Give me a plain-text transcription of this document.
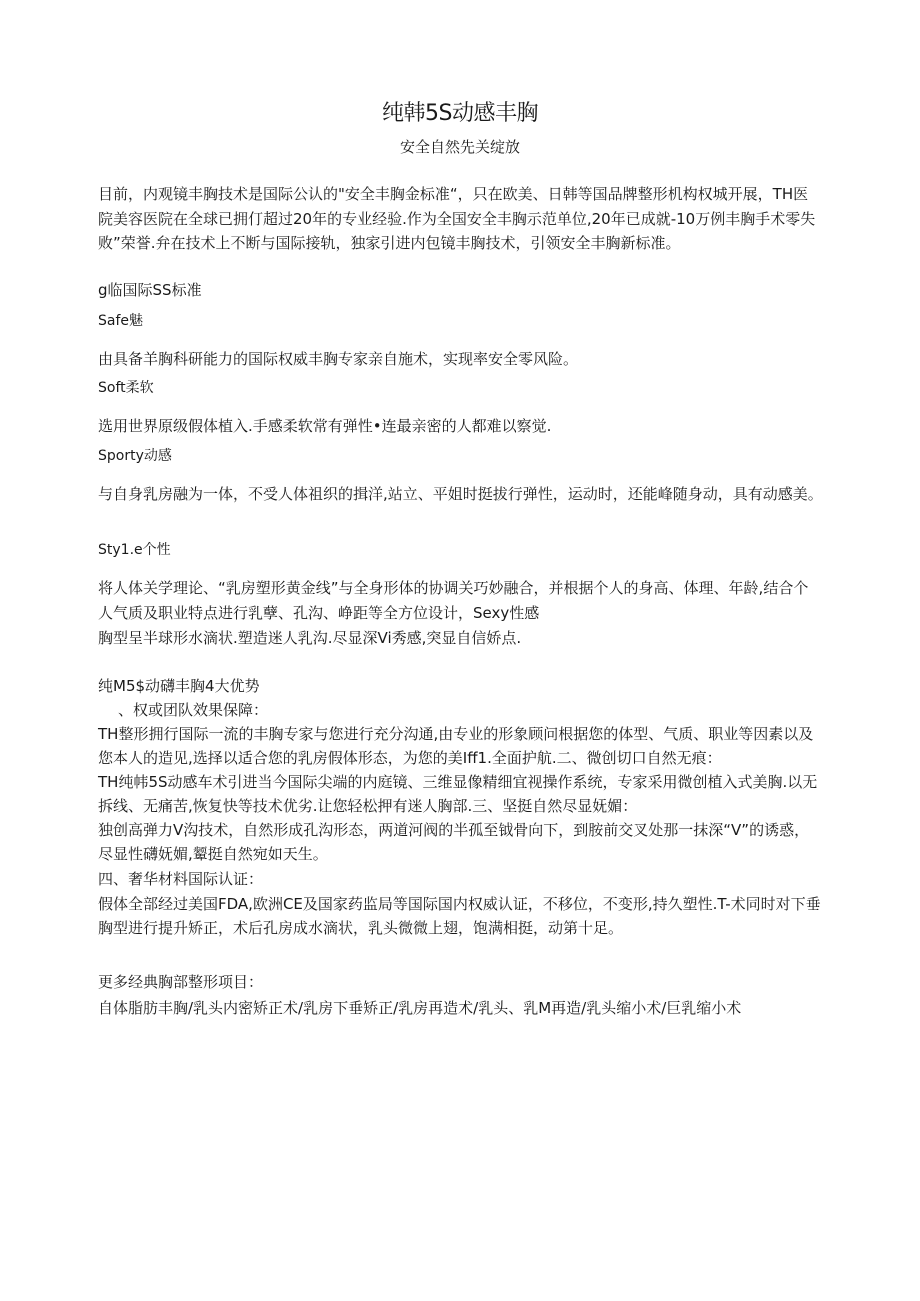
纯韩5S动感丰胸
安全自然先关绽放
目前，内观镜丰胸技术是国际公认的"安全丰胸金标准“，只在欧美、日韩等国品牌整形机构权城开展，TH医院美容医院在全球已拥仃超过20年的专业经验.作为全国安全丰胸示范单位,20年已成就-10万例丰胸手术零失败”荣誉.弁在技术上不断与国际接轨，独家引进内包镜丰胸技术，引领安全丰胸新标准。
g临国际SS标准
Safe魅
由具备羊胸科研能力的国际权威丰胸专家亲自施术，实现率安全零风险。
Soft柔软
选用世界原级假体植入.手感柔软常有弹性•连最亲密的人都难以察觉.
Sporty动感
与自身乳房融为一体，不受人体祖织的揖洋,站立、平姐时挺拔行弹性，运动时，还能峰随身动，具有动感美。
Sty1.e个性
将人体关学理论、“乳房塑形黄金线”与全身形体的协调关巧妙融合，并根据个人的身高、体理、年龄,结合个人气质及职业特点进行乳孽、孔沟、峥距等全方位设计，Sexy性感
胸型呈半球形水滴状.塑造迷人乳沟.尽显深Vi秀感,突显自信娇点.
纯M5$动礴丰胸4大优势
、权或团队效果保障：
TH整形拥行国际一流的丰胸专家与您进行充分沟通,由专业的形象顾问根据您的体型、气质、职业等因素以及您本人的造见,选择以适合您的乳房假体形态，为您的美Iff1.全面护航.二、微创切口自然无痕：
TH纯帏5S动感车术引进当今国际尖端的内庭镜、三维显像精细宜视操作系统，专家采用微创植入式美胸.以无拆线、无痛苦,恢复快等技术优劣.让您轻松押有迷人胸部.三、坚挺自然尽显妩媚：
独创高弹力V沟技术，自然形成孔沟形态，两道河阀的半孤至钺骨向下，到胺前交叉处那一抹深“V”的诱惑，尽显性礴妩媚,颦挺自然宛如天生。
四、奢华材料国际认证：
假体全部经过美国FDA,欧洲CE及国家药监局等国际国内权威认证，不移位，不变形,持久塑性.T-术同时对下垂胸型进行提升矫正，术后孔房成水滴状，乳头微微上翅，饱满相挺，动第十足。
更多经典胸部整形项目：
自体脂肪丰胸/乳头内密矫正术/乳房下垂矫正/乳房再造术/乳头、乳M再造/乳头缩小术/巨乳缩小术
